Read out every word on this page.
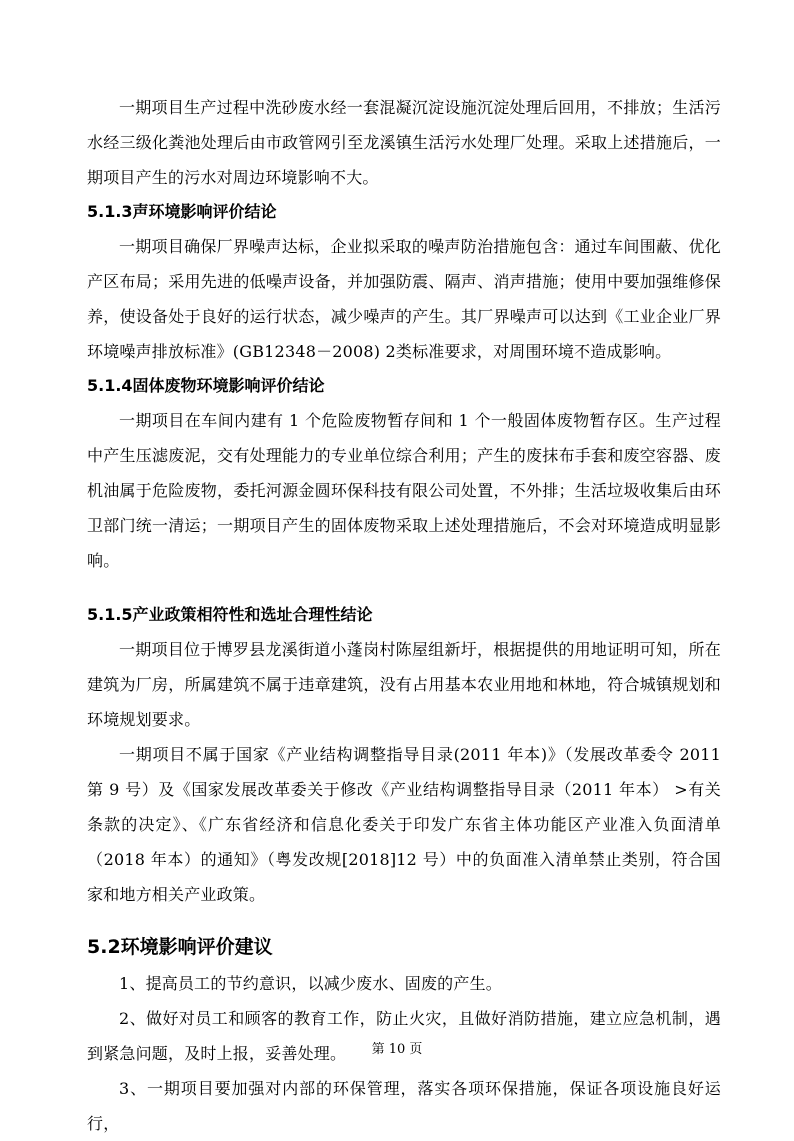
一期项目生产过程中洗砂废水经一套混凝沉淀设施沉淀处理后回用，不排放；生活污水经三级化粪池处理后由市政管网引至龙溪镇生活污水处理厂处理。采取上述措施后，一期项目产生的污水对周边环境影响不大。

5.1.3声环境影响评价结论

一期项目确保厂界噪声达标，企业拟采取的噪声防治措施包含：通过车间围蔽、优化产区布局；采用先进的低噪声设备，并加强防震、隔声、消声措施；使用中要加强维修保养，使设备处于良好的运行状态，减少噪声的产生。其厂界噪声可以达到《工业企业厂界环境噪声排放标准》(GB12348－2008) 2类标准要求，对周围环境不造成影响。

5.1.4固体废物环境影响评价结论

一期项目在车间内建有 1 个危险废物暂存间和 1 个一般固体废物暂存区。生产过程中产生压滤废泥，交有处理能力的专业单位综合利用；产生的废抹布手套和废空容器、废机油属于危险废物，委托河源金圆环保科技有限公司处置，不外排；生活垃圾收集后由环卫部门统一清运；一期项目产生的固体废物采取上述处理措施后，不会对环境造成明显影响。

5.1.5产业政策相符性和选址合理性结论

一期项目位于博罗县龙溪街道小蓬岗村陈屋组新圩，根据提供的用地证明可知，所在建筑为厂房，所属建筑不属于违章建筑，没有占用基本农业用地和林地，符合城镇规划和环境规划要求。

一期项目不属于国家《产业结构调整指导目录(2011 年本)》（发展改革委令 2011 第 9 号）及《国家发展改革委关于修改《产业结构调整指导目录（2011 年本） >有关条款的决定》、《广东省经济和信息化委关于印发广东省主体功能区产业准入负面清单（2018 年本）的通知》（粤发改规[2018]12 号）中的负面准入清单禁止类别，符合国家和地方相关产业政策。

5.2环境影响评价建议

1、提高员工的节约意识，以减少废水、固废的产生。

2、做好对员工和顾客的教育工作，防止火灾，且做好消防措施，建立应急机制，遇到紧急问题，及时上报，妥善处理。

3、一期项目要加强对内部的环保管理，落实各项环保措施，保证各项设施良好运行，

第 10 页
